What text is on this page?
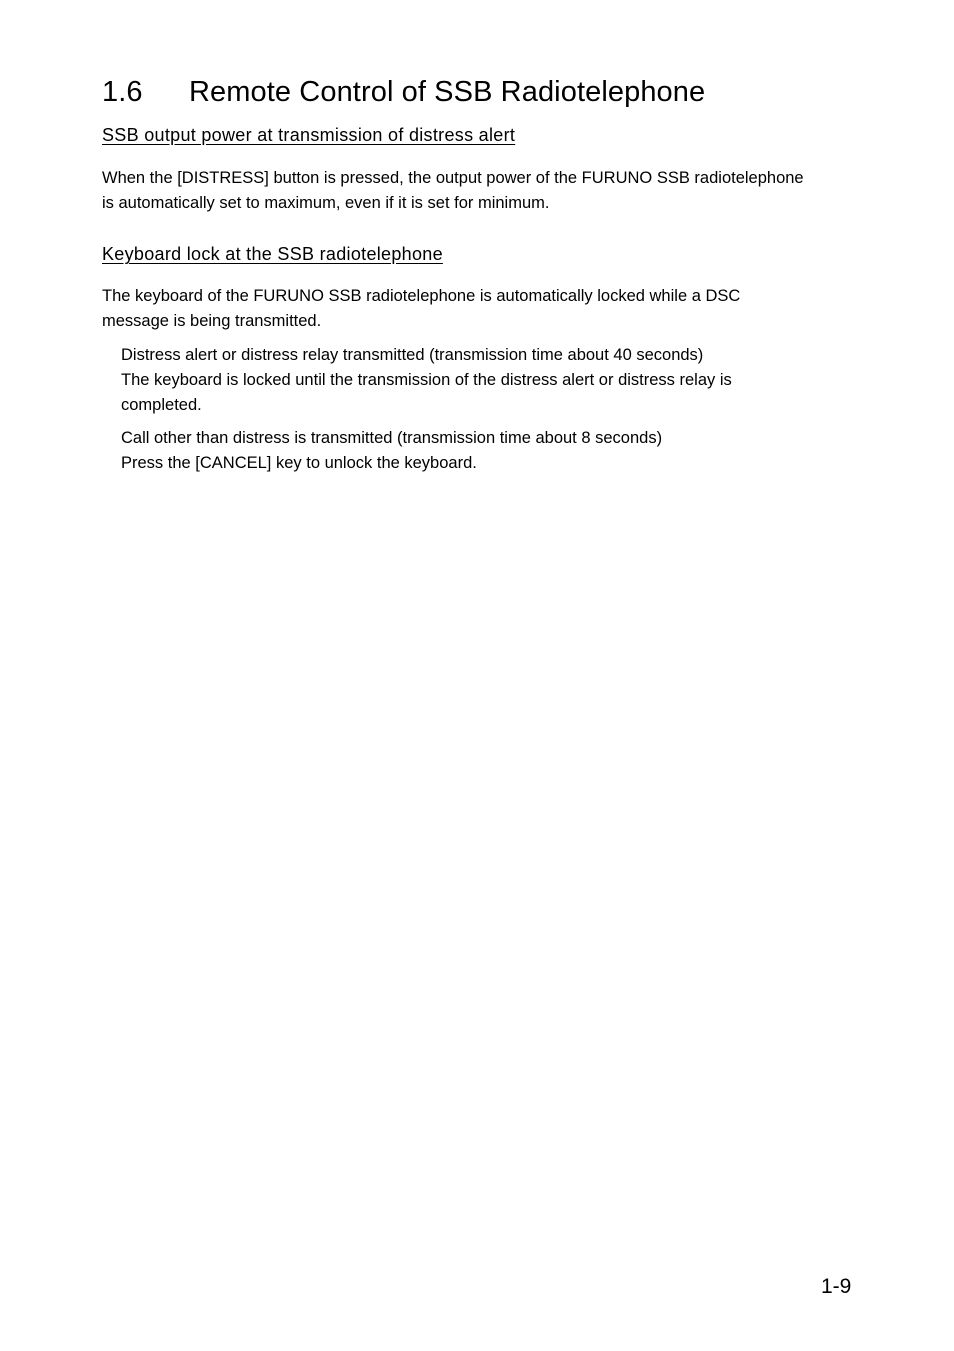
1.6 Remote Control of SSB Radiotelephone
SSB output power at transmission of distress alert

When the [DISTRESS] button is pressed, the output power of the FURUNO SSB radiotelephone

is automatically set to maximum, even if it is set for minimum.

Keyboard lock at the SSB radiotelephone

The keyboard of the FURUNO SSB radiotelephone is automatically locked while a DSC

message is being transmitted.

Distress alert or distress relay transmitted (transmission time about 40 seconds)

The keyboard is locked until the transmission of the distress alert or distress relay is

completed.

Call other than distress is transmitted (transmission time about 8 seconds)

Press the [CANCEL] key to unlock the keyboard.

1-9
